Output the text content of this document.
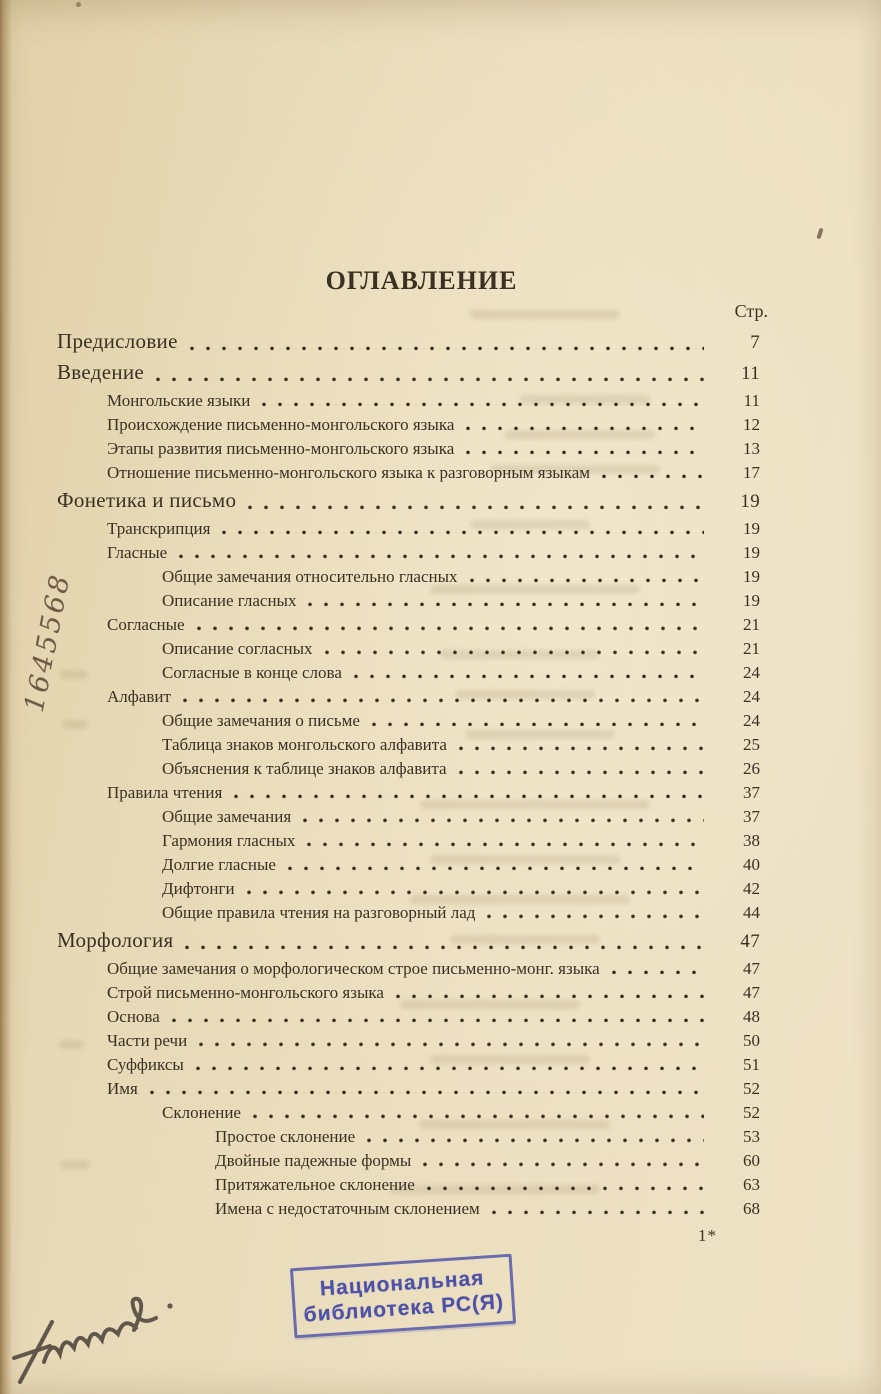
ОГЛАВЛЕНИЕ
Стр.
Предисловие	7
Введение	11
Монгольские языки	11
Происхождение письменно-монгольского языка	12
Этапы развития письменно-монгольского языка	13
Отношение письменно-монгольского языка к разговорным языкам	17
Фонетика и письмо	19
Транскрипция	19
Гласные	19
Общие замечания относительно гласных	19
Описание гласных	19
Согласные	21
Описание согласных	21
Согласные в конце слова	24
Алфавит	24
Общие замечания о письме	24
Таблица знаков монгольского алфавита	25
Объяснения к таблице знаков алфавита	26
Правила чтения	37
Общие замечания	37
Гармония гласных	38
Долгие гласные	40
Дифтонги	42
Общие правила чтения на разговорный лад	44
Морфология	47
Общие замечания о морфологическом строе письменно-монг. языка	47
Строй письменно-монгольского языка	47
Основа	48
Части речи	50
Суффиксы	51
Имя	52
Склонение	52
Простое склонение	53
Двойные падежные формы	60
Притяжательное склонение	63
Имена с недостаточным склонением	68
1*
1645568
Национальная
библиотека РС(Я)
